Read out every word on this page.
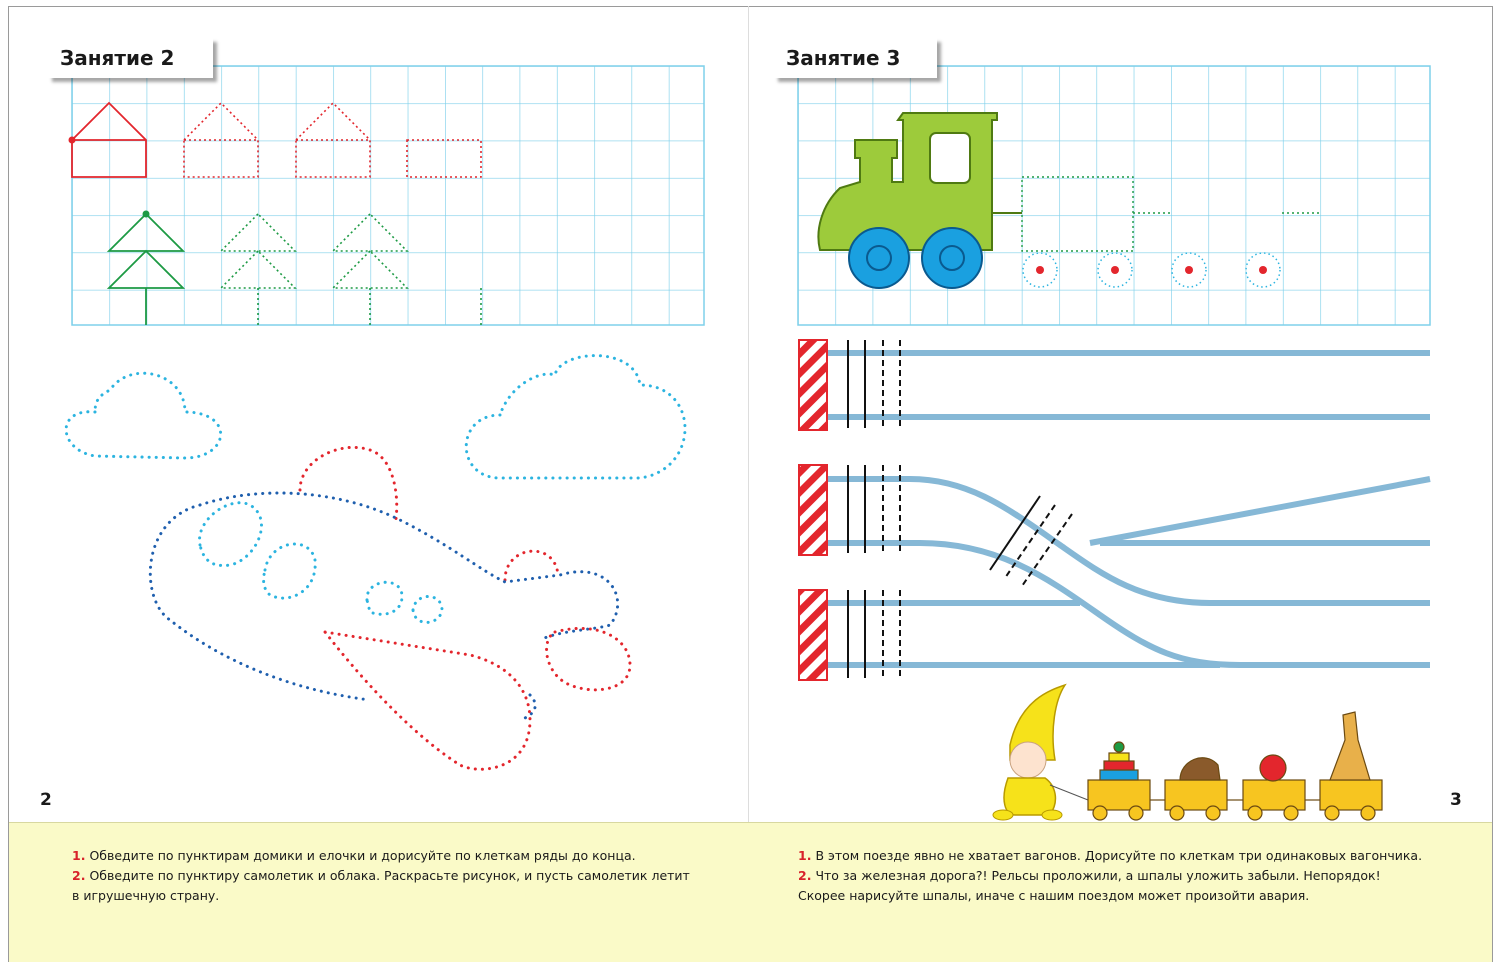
Занятие 2	Занятие 3
2	3
1. Обведите по пунктирам домики и елочки и дорисуйте по клеткам ряды до конца.
2. Обведите по пунктиру самолетик и облака. Раскрасьте рисунок, и пусть самолетик летит
в игрушечную страну.
1. В этом поезде явно не хватает вагонов. Дорисуйте по клеткам три одинаковых вагончика.
2. Что за железная дорога?! Рельсы проложили, а шпалы уложить забыли. Непорядок!
Скорее нарисуйте шпалы, иначе с нашим поездом может произойти авария.
